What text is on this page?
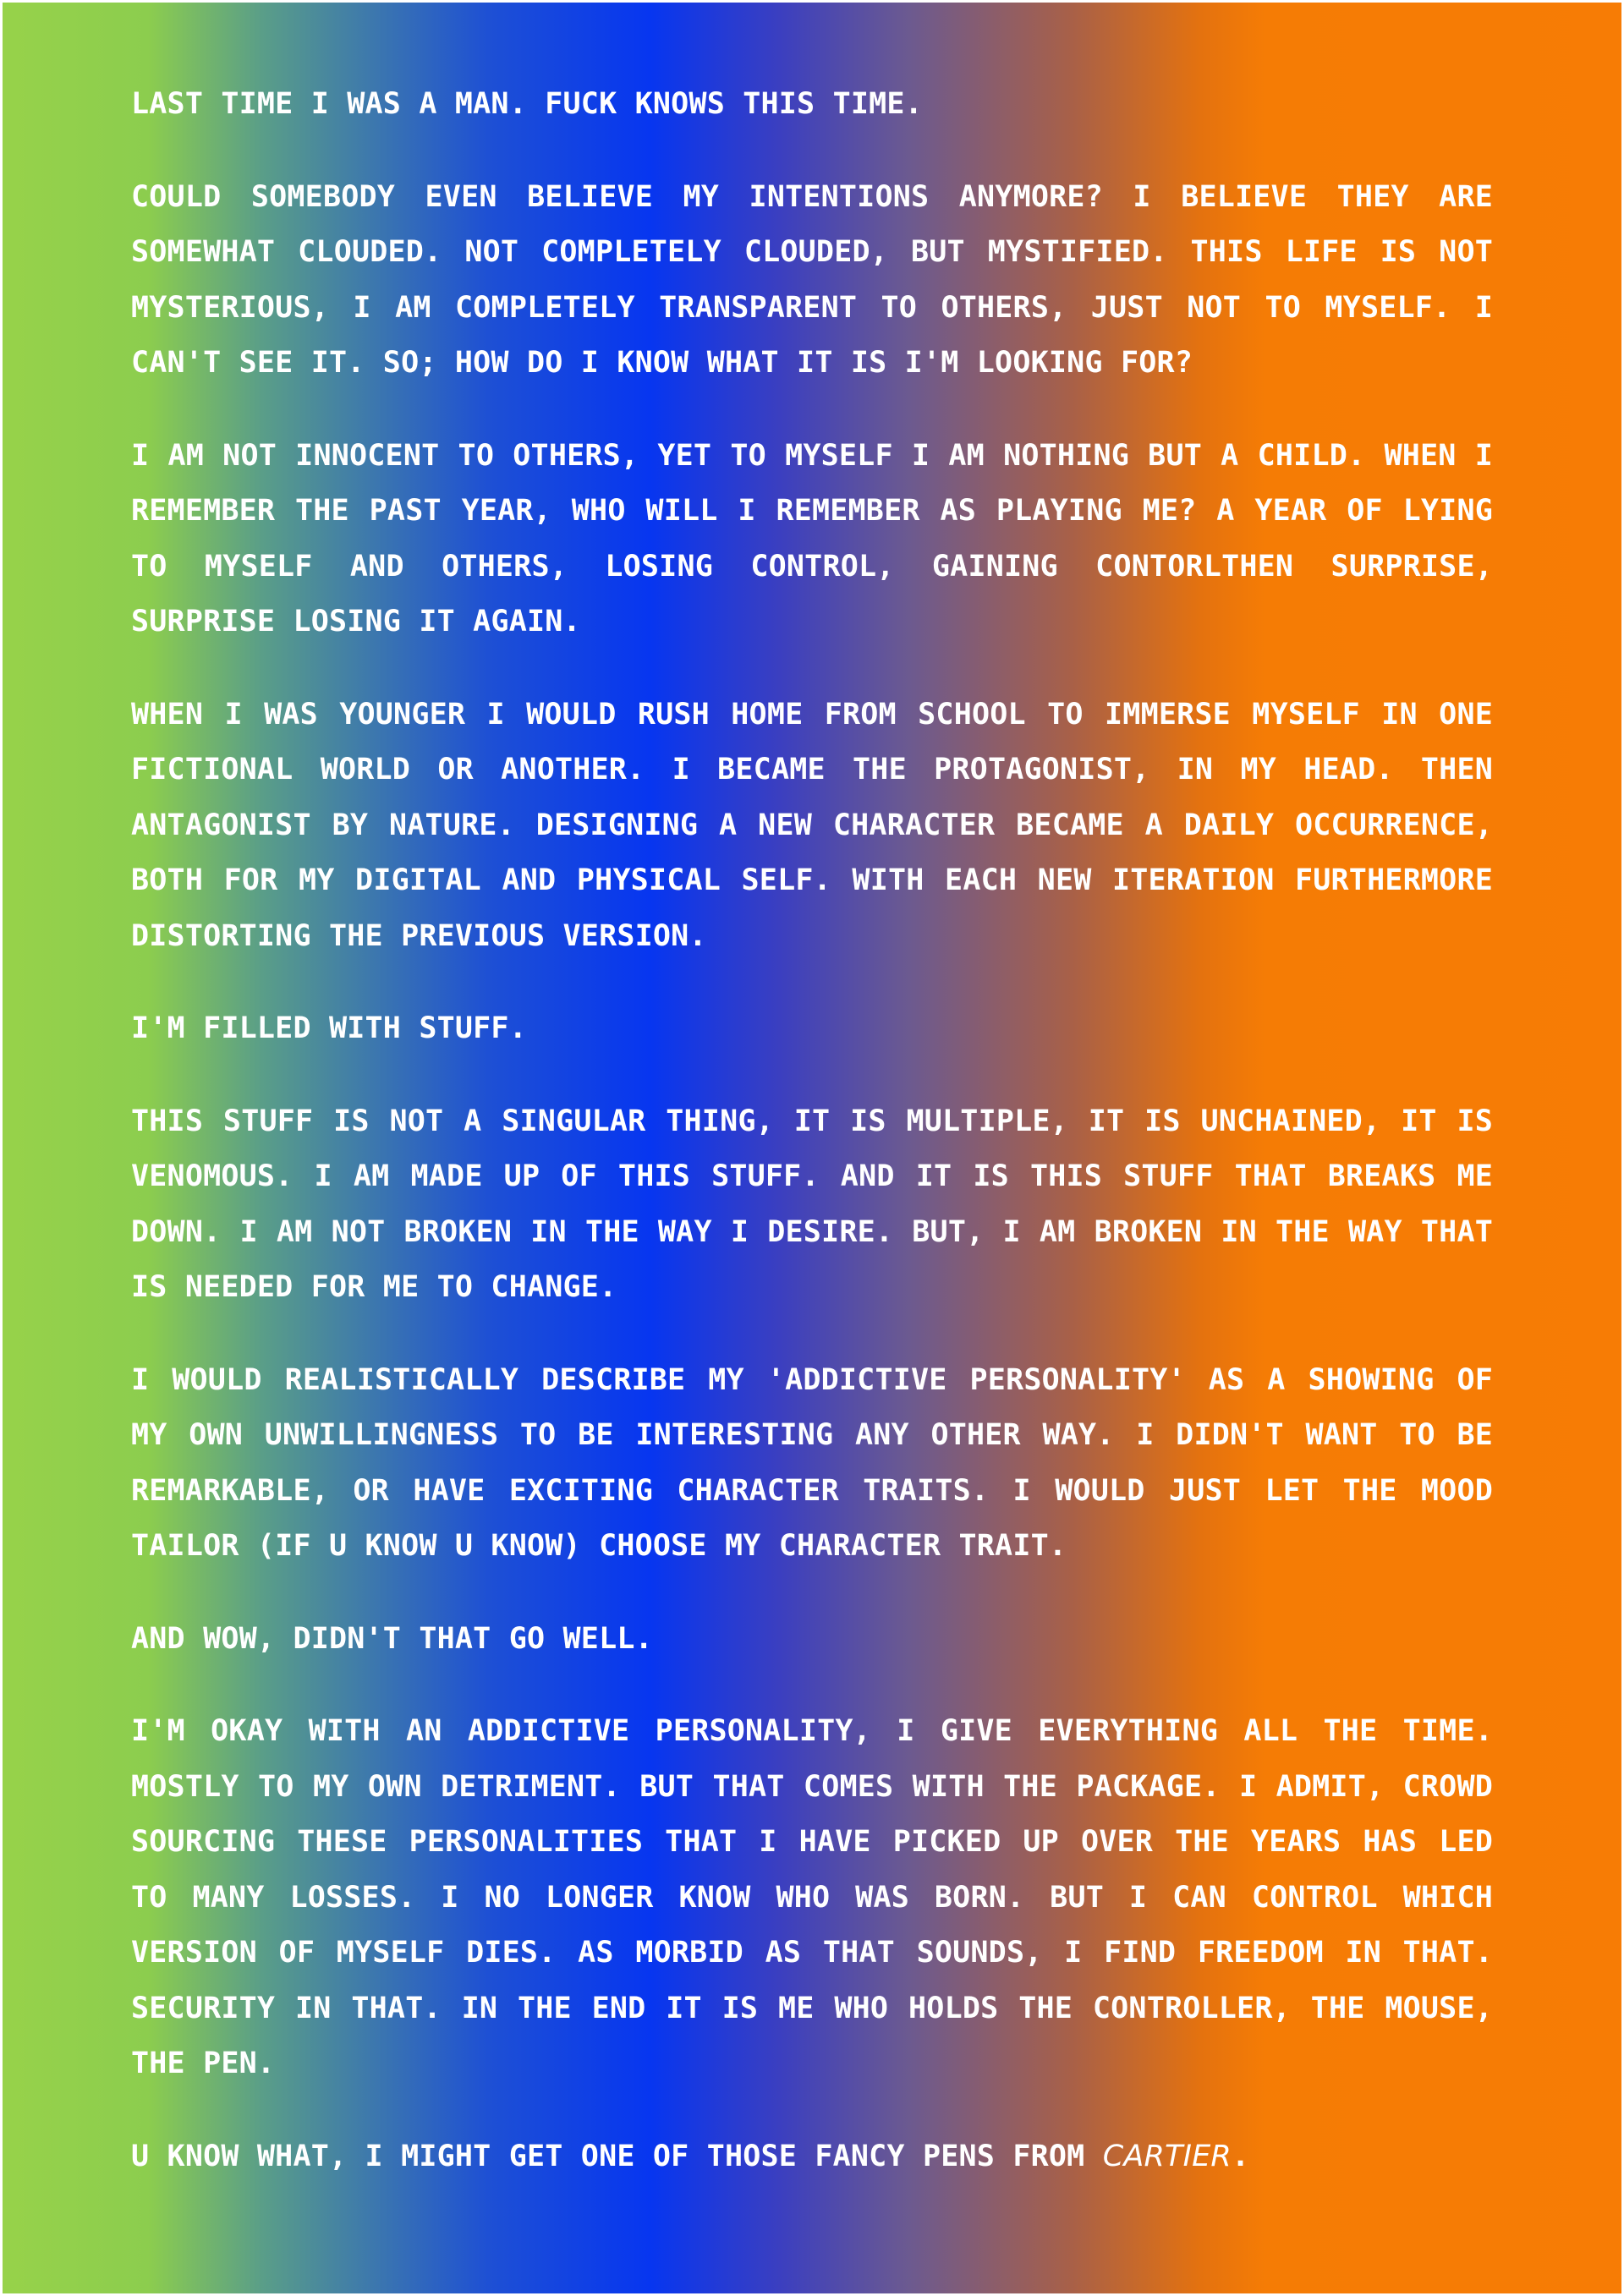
LAST TIME I WAS A MAN. FUCK KNOWS THIS TIME.

COULD SOMEBODY EVEN BELIEVE MY INTENTIONS ANYMORE? I BELIEVE THEY ARE SOMEWHAT CLOUDED. NOT COMPLETELY CLOUDED, BUT MYSTIFIED. THIS LIFE IS NOT MYSTERIOUS, I AM COMPLETELY TRANSPARENT TO OTHERS, JUST NOT TO MYSELF. I CAN'T SEE IT. SO; HOW DO I KNOW WHAT IT IS I'M LOOKING FOR?

I AM NOT INNOCENT TO OTHERS, YET TO MYSELF I AM NOTHING BUT A CHILD. WHEN I REMEMBER THE PAST YEAR, WHO WILL I REMEMBER AS PLAYING ME? A YEAR OF LYING TO MYSELF AND OTHERS, LOSING CONTROL, GAINING CONTORLTHEN SURPRISE, SURPRISE LOSING IT AGAIN.

WHEN I WAS YOUNGER I WOULD RUSH HOME FROM SCHOOL TO IMMERSE MYSELF IN ONE FICTIONAL WORLD OR ANOTHER. I BECAME THE PROTAGONIST, IN MY HEAD. THEN ANTAGONIST BY NATURE. DESIGNING A NEW CHARACTER BECAME A DAILY OCCURRENCE, BOTH FOR MY DIGITAL AND PHYSICAL SELF. WITH EACH NEW ITERATION FURTHERMORE DISTORTING THE PREVIOUS VERSION.

I'M FILLED WITH STUFF.

THIS STUFF IS NOT A SINGULAR THING, IT IS MULTIPLE, IT IS UNCHAINED, IT IS VENOMOUS. I AM MADE UP OF THIS STUFF. AND IT IS THIS STUFF THAT BREAKS ME DOWN. I AM NOT BROKEN IN THE WAY I DESIRE. BUT, I AM BROKEN IN THE WAY THAT IS NEEDED FOR ME TO CHANGE.

I WOULD REALISTICALLY DESCRIBE MY 'ADDICTIVE PERSONALITY' AS A SHOWING OF MY OWN UNWILLINGNESS TO BE INTERESTING ANY OTHER WAY. I DIDN'T WANT TO BE REMARKABLE, OR HAVE EXCITING CHARACTER TRAITS. I WOULD JUST LET THE MOOD TAILOR (IF U KNOW U KNOW) CHOOSE MY CHARACTER TRAIT.

AND WOW, DIDN'T THAT GO WELL.

I'M OKAY WITH AN ADDICTIVE PERSONALITY, I GIVE EVERYTHING ALL THE TIME. MOSTLY TO MY OWN DETRIMENT. BUT THAT COMES WITH THE PACKAGE. I ADMIT, CROWD SOURCING THESE PERSONALITIES THAT I HAVE PICKED UP OVER THE YEARS HAS LED TO MANY LOSSES. I NO LONGER KNOW WHO WAS BORN. BUT I CAN CONTROL WHICH VERSION OF MYSELF DIES. AS MORBID AS THAT SOUNDS, I FIND FREEDOM IN THAT. SECURITY IN THAT. IN THE END IT IS ME WHO HOLDS THE CONTROLLER, THE MOUSE, THE PEN.

U KNOW WHAT, I MIGHT GET ONE OF THOSE FANCY PENS FROM CARTIER.
